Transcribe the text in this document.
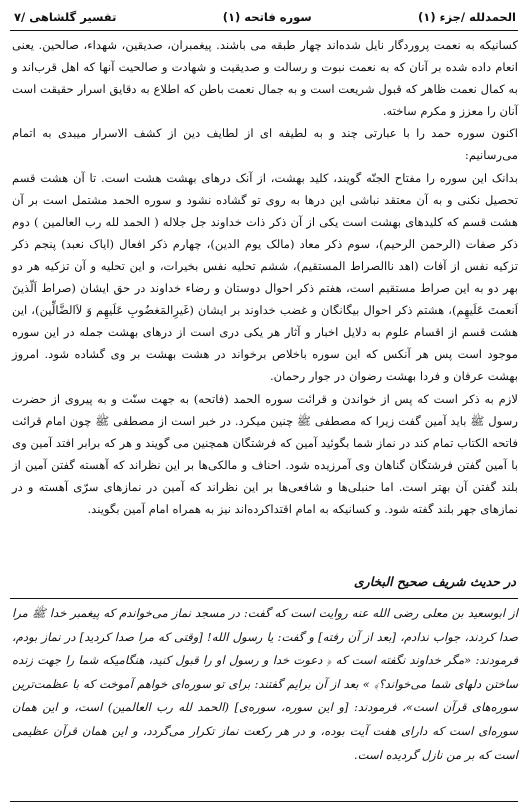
تفسیر گلشاهی /۷	سوره فاتحه (۱)	الحمدلله /جزء (۱)

کسانیکه به نعمت پروردگار نایل شده‌اند چهار طبقه می باشند. پیغمبران، صدیقین، شهداء، صالحین. یعنی انعام داده شده بر آنان که به نعمت نبوت و رسالت و صدیقیت و شهادت و صالحیت آنها که اهل قرب‌اند و به کمال نعمت ظاهر که قبول شریعت است و به جمال نعمت باطن که اطلاع به دقایق اسرار حقیقت است آنان را معزز و مکرم ساخته.

اکنون سوره حمد را با عبارتی چند و به لطیفه ای از لطایف دین از کشف الاسرار میبدی به اتمام می‌رسانیم:

بدانک این سوره را مفتاح الجنّه گویند، کلید بهشت، از آنک درهای بهشت هشت است. تا آن هشت قسم تحصیل نکنی و به آن معتقد نباشی این درها به روی تو گشاده نشود و سوره الحمد مشتمل است بر آن هشت قسم که کلیدهای بهشت است یکی از آن ذکر ذات خداوند جل جلاله ( الحمد لله رب العالمین ) دوم ذکر صفات (الرحمن الرحیم)، سوم ذکر معاد (مالک یوم الدین)، چهارم ذکر افعال (ایاک نعبد) پنجم ذکر تزکیه نفس از آفات (اهد ناالصراط المستقیم)، ششم تحلیه نفس بخیرات، و این تحلیه و آن تزکیه هر دو بهر دو به این صراط مستقیم است، هفتم ذکر احوال دوستان و رضاء خداوند در حق ایشان (صراط اَلّذینَ اَنعمتَ عَلَیهِم)، هشتم ذکر احوال بیگانگان و غضب خداوند بر ایشان (غَیرِالمَغضُوبِ عَلَیهِم وَ لاَالضَّالِّین)، این هشت قسم از اقسام علوم به دلایل اخبار و آثار هر یکی دری است از درهای بهشت جمله در این سوره موجود است پس هر آنکس که این سوره باخلاص برخواند در هشت بهشت بر وی گشاده شود. امروز بهشت عرفان و فردا بهشت رضوان در جوار رحمان.

لازم به ذکر است که پس از خواندن و قرائت سوره الحمد (فاتحه) به جهت سنّت و به پیروی از حضرت رسول ﷺ باید آمین گفت زیرا که مصطفی ﷺ چنین میکرد. در خبر است از مصطفی ﷺ چون امام قرائت فاتحه الکتاب تمام کند در نماز شما بگوئید آمین که فرشتگان همچنین می گویند و هر که برابر افتد آمین وی با آمین گفتن فرشتگان گناهان وی آمرزیده شود. احناف و مالکی‌ها بر این نظراند که آهسته گفتن آمین از بلند گفتن آن بهتر است. اما حنبلی‌ها و شافعی‌ها بر این نظراند که آمین در نمازهای سرّی آهسته و در نمازهای جهر بلند گفته شود. و کسانیکه به امام اقتداکرده‌اند نیز به همراه امام آمین بگویند.

در حدیث شریف صحیح البخاری
از ابوسعید بن معلی رضی الله عنه روایت است که گفت: در مسجد نماز می‌خواندم که پیغمبر خدا ﷺ مرا صدا کردند، جواب ندادم، [بعد از آن رفته] و گفت: یا رسول الله! [وقتی که مرا صدا کردید] در نماز بودم، فرمودند: «مگر خداوند نگفته است که ﴿ دعوت خدا و رسول او را قبول کنید، هنگامیکه شما را جهت زنده ساختن دلهای شما می‌خواند؟﴾ » بعد از آن برایم گفتند: برای تو سوره‌ای خواهم آموخت که با عظمت‌ترین سوره‌های قرآن است»، فرمودند: [و این سوره، سوره‌ی] (الحمد لله رب العالمین) است، و این همان سوره‌ای است که دارای هفت آیت بوده، و در هر رکعت نماز تکرار می‌گردد، و این همان قرآن عظیمی است که بر من نازل گردیده است.
